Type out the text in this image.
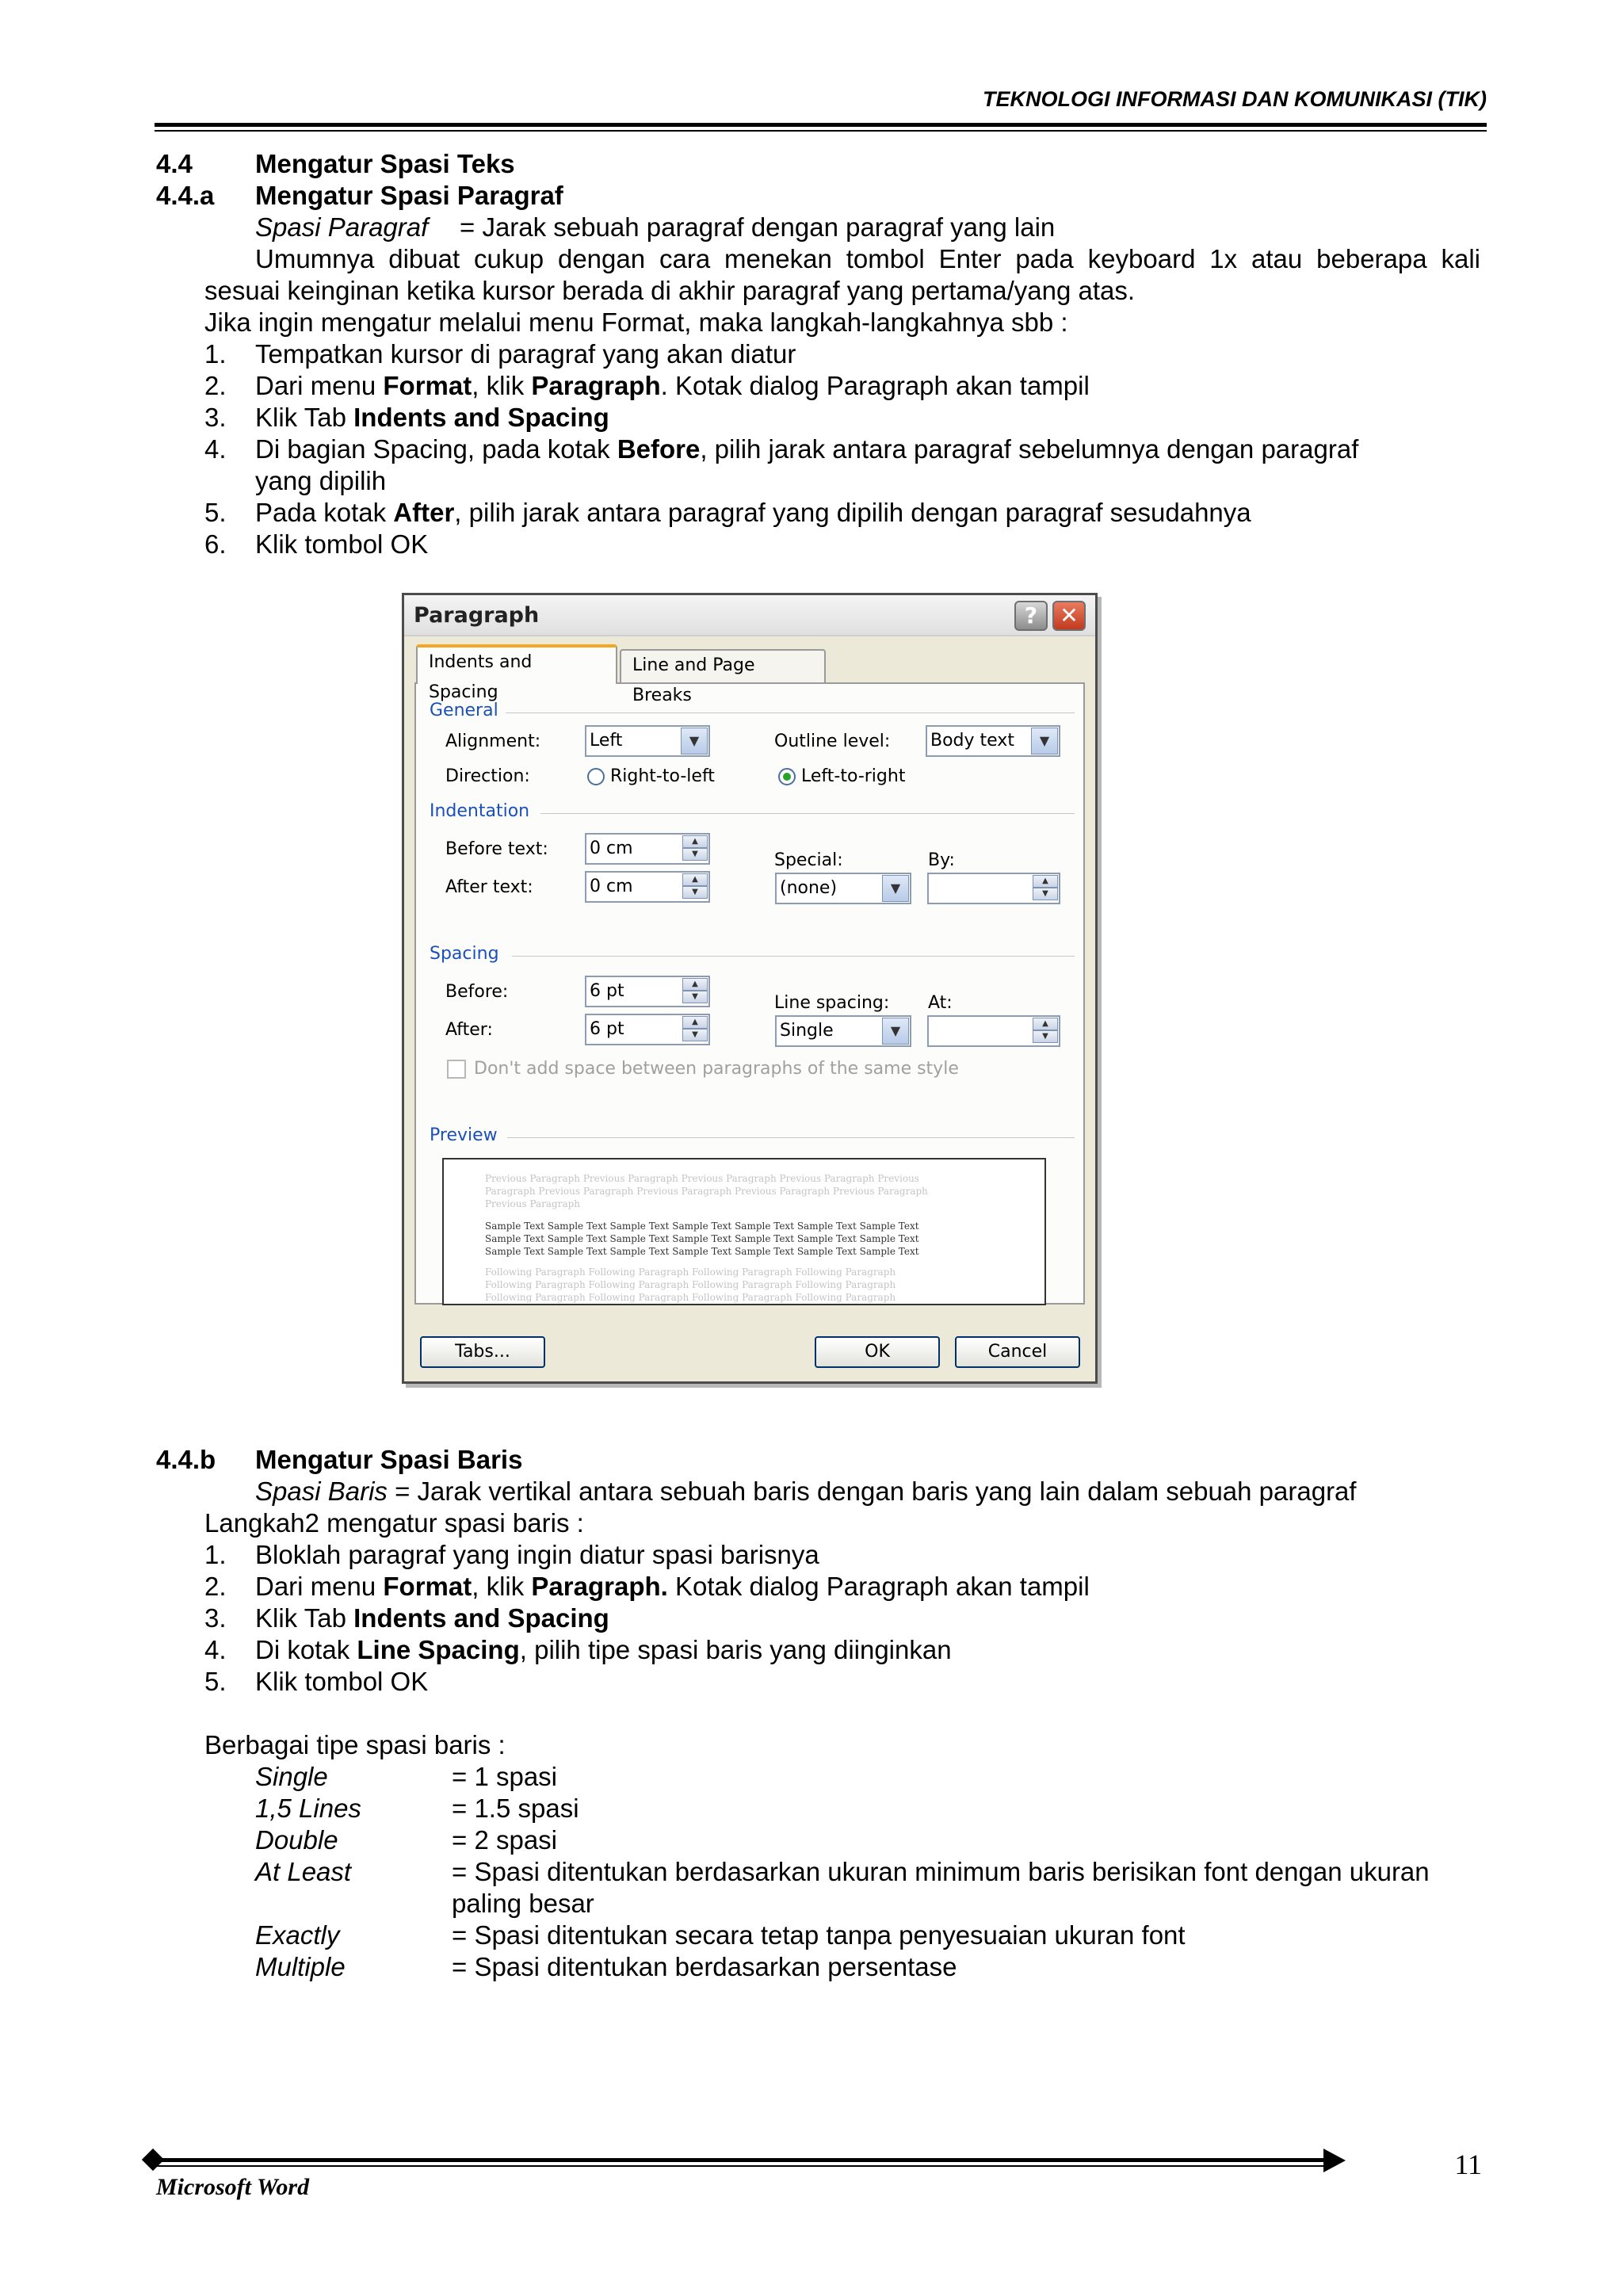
TEKNOLOGI INFORMASI DAN KOMUNIKASI (TIK)
4.4 Mengatur Spasi Teks
4.4.a Mengatur Spasi Paragraf
Spasi Paragraf = Jarak sebuah paragraf dengan paragraf yang lain
Umumnya dibuat cukup dengan cara menekan tombol Enter pada keyboard 1x atau beberapa kali
sesuai keinginan ketika kursor berada di akhir paragraf yang pertama/yang atas.
Jika ingin mengatur melalui menu Format, maka langkah-langkahnya sbb :
1. Tempatkan kursor di paragraf yang akan diatur
2. Dari menu Format, klik Paragraph. Kotak dialog Paragraph akan tampil
3. Klik Tab Indents and Spacing
4. Di bagian Spacing, pada kotak Before, pilih jarak antara paragraf sebelumnya dengan paragraf
yang dipilih
5. Pada kotak After, pilih jarak antara paragraf yang dipilih dengan paragraf sesudahnya
6. Klik tombol OK
Paragraph	?	✕
Indents and Spacing
Line and Page Breaks
General
Alignment:	Left	▼	Outline level: Body text	▼
Direction:	Right-to-left	Left-to-right
Indentation
Before text: 0 cm	▲
▼
After text:	0 cm	▲
▼
Special:
(none)	▼
By:
▲
▼
Spacing
Before:	6 pt	▲
▼
After:	6 pt	▲
▼
Line spacing:
Single	▼
At:
▲
▼
Don't add space between paragraphs of the same style
Preview
Previous Paragraph Previous Paragraph Previous Paragraph Previous Paragraph Previous
Paragraph Previous Paragraph Previous Paragraph Previous Paragraph Previous Paragraph
Previous Paragraph
Sample Text Sample Text Sample Text Sample Text Sample Text Sample Text Sample Text
Sample Text Sample Text Sample Text Sample Text Sample Text Sample Text Sample Text
Sample Text Sample Text Sample Text Sample Text Sample Text Sample Text Sample Text
Following Paragraph Following Paragraph Following Paragraph Following Paragraph
Following Paragraph Following Paragraph Following Paragraph Following Paragraph
Following Paragraph Following Paragraph Following Paragraph Following Paragraph
Tabs...	OK	Cancel
4.4.b Mengatur Spasi Baris
Spasi Baris = Jarak vertikal antara sebuah baris dengan baris yang lain dalam sebuah paragraf
Langkah2 mengatur spasi baris :
1. Bloklah paragraf yang ingin diatur spasi barisnya
2. Dari menu Format, klik Paragraph. Kotak dialog Paragraph akan tampil
3. Klik Tab Indents and Spacing
4. Di kotak Line Spacing, pilih tipe spasi baris yang diinginkan
5. Klik tombol OK
Berbagai tipe spasi baris :
Single	= 1 spasi
1,5 Lines	= 1.5 spasi
Double	= 2 spasi
At Least	= Spasi ditentukan berdasarkan ukuran minimum baris berisikan font dengan ukuran
paling besar
Exactly	= Spasi ditentukan secara tetap tanpa penyesuaian ukuran font
Multiple	= Spasi ditentukan berdasarkan persentase
Microsoft Word
11
